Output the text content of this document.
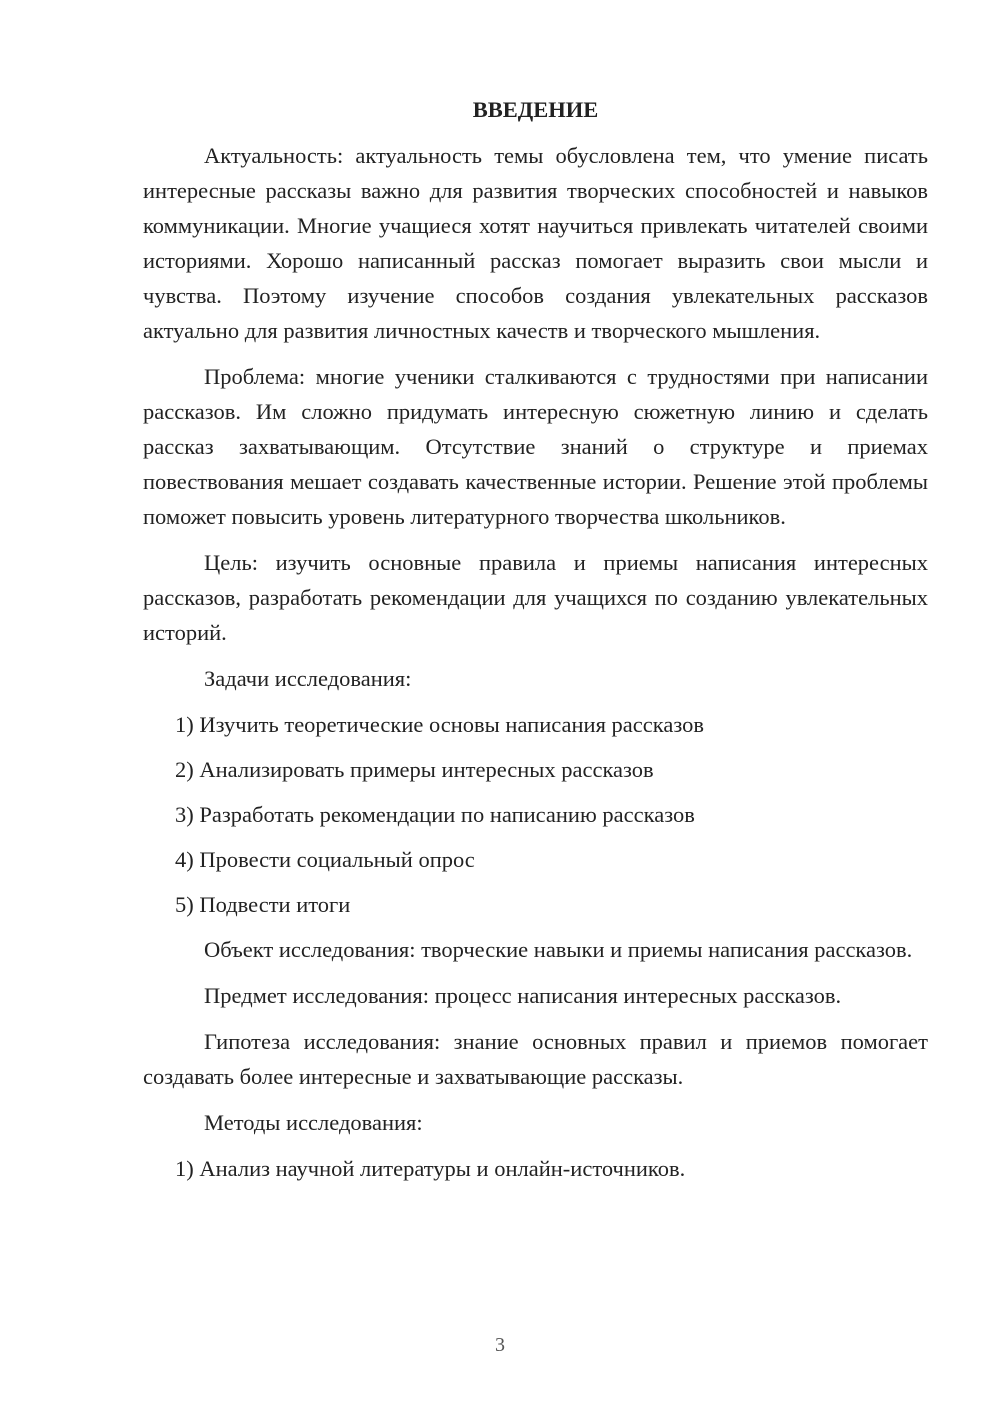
ВВЕДЕНИЕ

Актуальность: актуальность темы обусловлена тем, что умение писать интересные рассказы важно для развития творческих способностей и навыков коммуникации. Многие учащиеся хотят научиться привлекать читателей своими историями. Хорошо написанный рассказ помогает выразить свои мысли и чувства. Поэтому изучение способов создания увлекательных рассказов актуально для развития личностных качеств и творческого мышления.

Проблема: многие ученики сталкиваются с трудностями при написании рассказов. Им сложно придумать интересную сюжетную линию и сделать рассказ захватывающим. Отсутствие знаний о структуре и приемах повествования мешает создавать качественные истории. Решение этой проблемы поможет повысить уровень литературного творчества школьников.

Цель: изучить основные правила и приемы написания интересных рассказов, разработать рекомендации для учащихся по созданию увлекательных историй.

Задачи исследования:

1) Изучить теоретические основы написания рассказов

2) Анализировать примеры интересных рассказов

3) Разработать рекомендации по написанию рассказов

4) Провести социальный опрос

5) Подвести итоги

Объект исследования: творческие навыки и приемы написания рассказов.

Предмет исследования: процесс написания интересных рассказов.

Гипотеза исследования: знание основных правил и приемов помогает создавать более интересные и захватывающие рассказы.

Методы исследования:

1) Анализ научной литературы и онлайн-источников.

3
